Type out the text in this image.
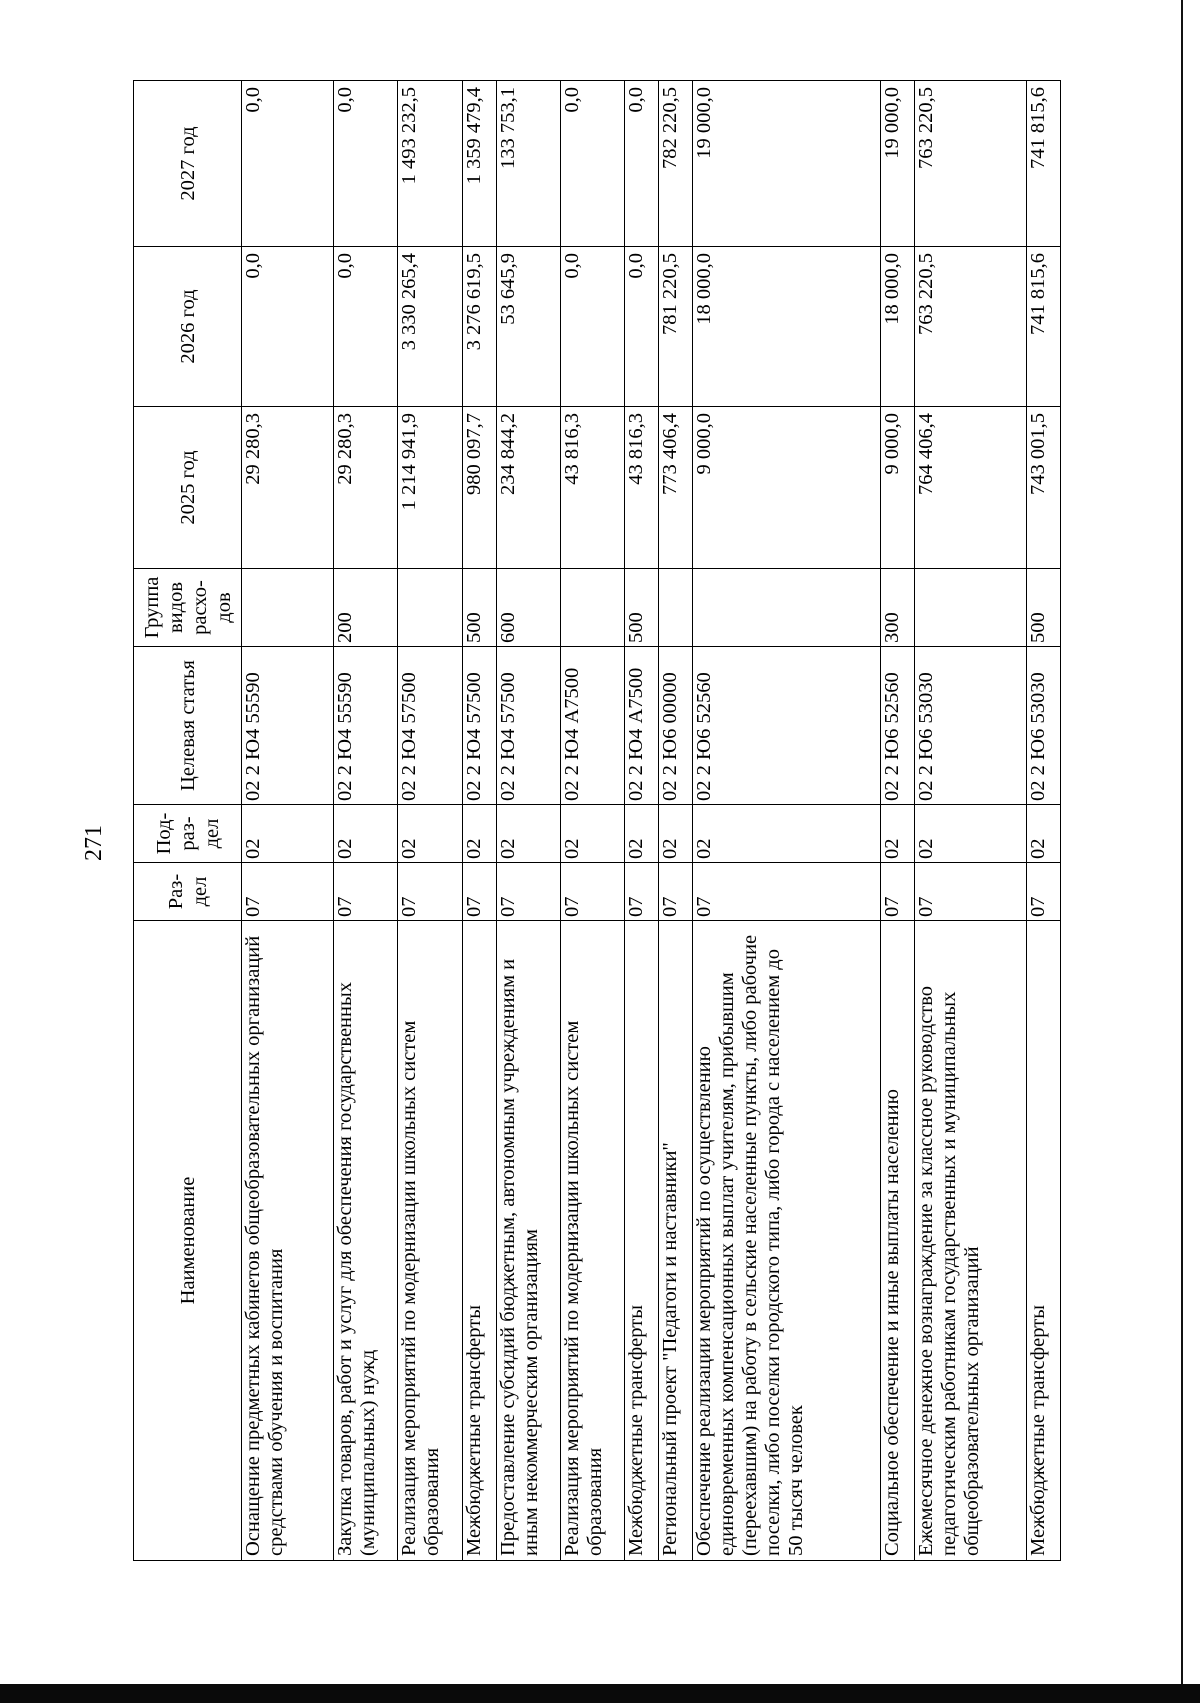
271
Наименование	Раз-дел	Под-раз-дел	Целевая статья	Группа видов расхо-дов	2025 год	2026 год	2027 год
Оснащение предметных кабинетов общеобразовательных организаций средствами обучения и воспитания	07	02	02 2 Ю4 55590		29 280,3	0,0	0,0
Закупка товаров, работ и услуг для обеспечения государственных (муниципальных) нужд	07	02	02 2 Ю4 55590	200	29 280,3	0,0	0,0
Реализация мероприятий по модернизации школьных систем образования	07	02	02 2 Ю4 57500		1 214 941,9	3 330 265,4	1 493 232,5
Межбюджетные трансферты	07	02	02 2 Ю4 57500	500	980 097,7	3 276 619,5	1 359 479,4
Предоставление субсидий бюджетным, автономным учреждениям и иным некоммерческим организациям	07	02	02 2 Ю4 57500	600	234 844,2	53 645,9	133 753,1
Реализация мероприятий по модернизации школьных систем образования	07	02	02 2 Ю4 А7500		43 816,3	0,0	0,0
Межбюджетные трансферты	07	02	02 2 Ю4 А7500	500	43 816,3	0,0	0,0
Региональный проект "Педагоги и наставники"	07	02	02 2 Ю6 00000		773 406,4	781 220,5	782 220,5
Обеспечение реализации мероприятий по осуществлению единовременных компенсационных выплат учителям, прибывшим (переехавшим) на работу в сельские населенные пункты, либо рабочие поселки, либо поселки городского типа, либо города с населением до 50 тысяч человек	07	02	02 2 Ю6 52560		9 000,0	18 000,0	19 000,0
Социальное обеспечение и иные выплаты населению	07	02	02 2 Ю6 52560	300	9 000,0	18 000,0	19 000,0
Ежемесячное денежное вознаграждение за классное руководство педагогическим работникам государственных и муниципальных общеобразовательных организаций	07	02	02 2 Ю6 53030		764 406,4	763 220,5	763 220,5
Межбюджетные трансферты	07	02	02 2 Ю6 53030	500	743 001,5	741 815,6	741 815,6
